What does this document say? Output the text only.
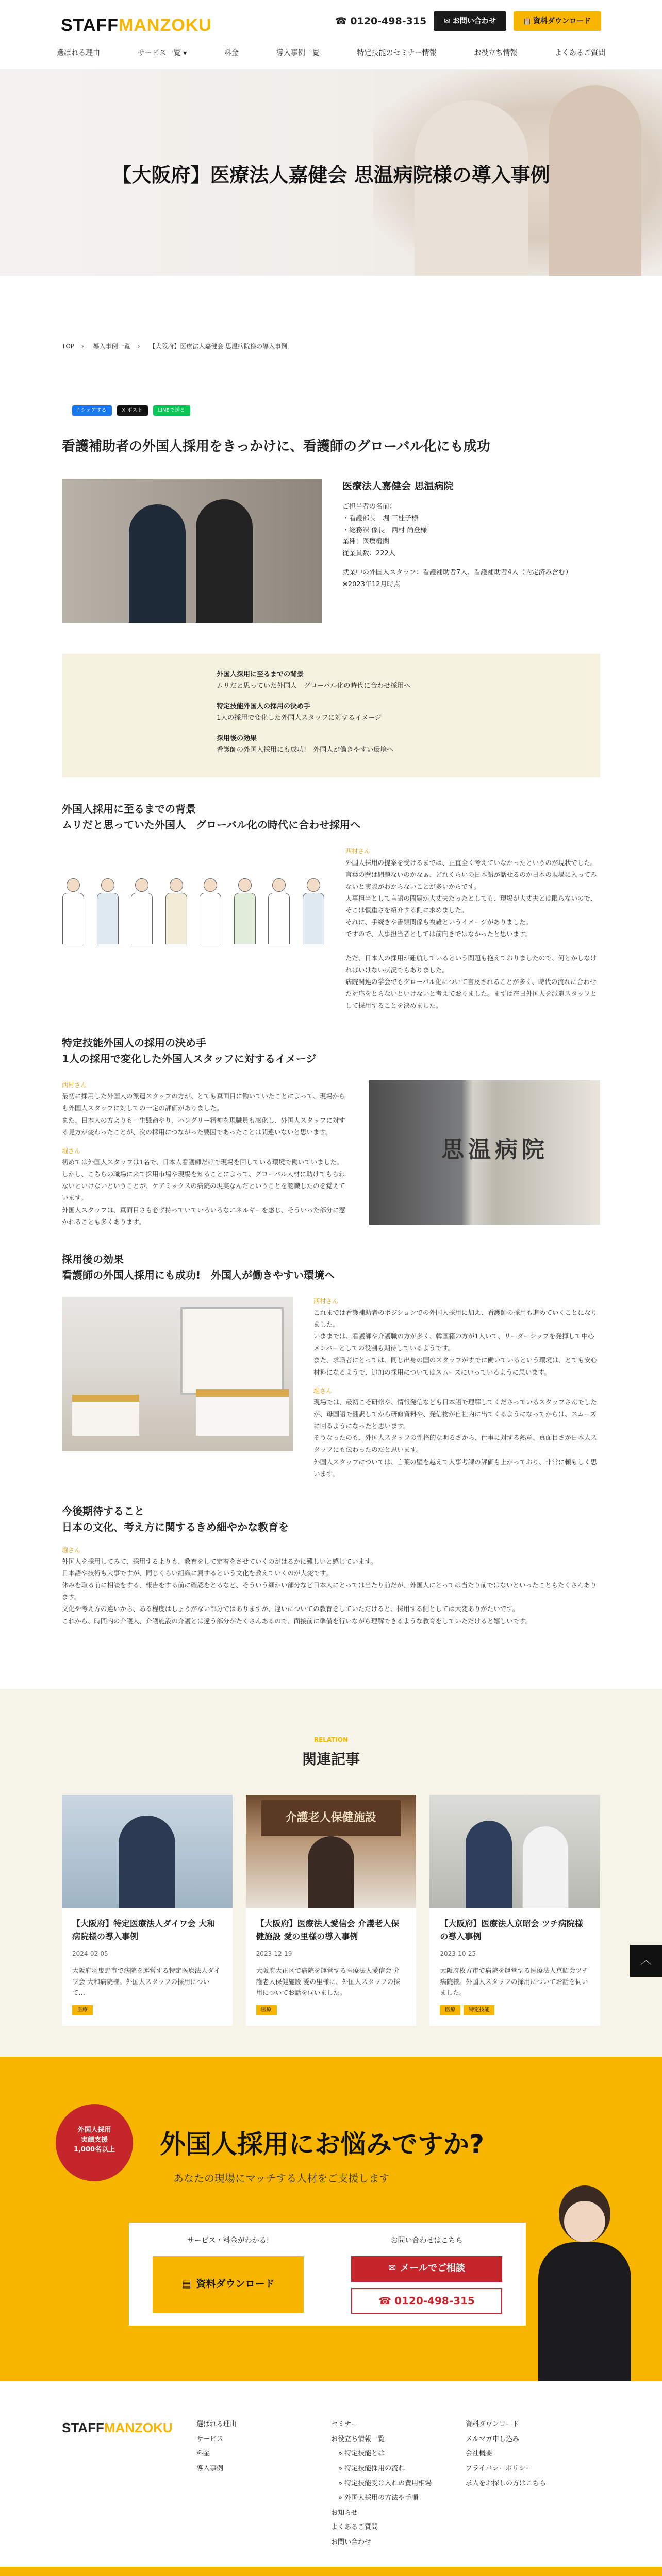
STAFFMANZOKU	☎ 0120-498-315	✉ お問い合わせ	▤ 資料ダウンロード
選ばれる理由	サービス一覧 ▾	料金	導入事例一覧	特定技能のセミナー情報	お役立ち情報	よくあるご質問
【大阪府】医療法人嘉健会 思温病院様の導入事例
TOP › 導入事例一覧 › 【大阪府】医療法人嘉健会 思温病院様の導入事例
f シェアする	X ポスト	LINEで送る
看護補助者の外国人採用をきっかけに、看護師のグローバル化にも成功
医療法人嘉健会 思温病院

ご担当者の名前：

・看護部長　堀 三桂子様

・総務課 係長　西村 尚登様

業種：医療機関

従業員数：222人

就業中の外国人スタッフ：看護補助者7人、看護補助者4人（内定済み含む）

※2023年12月時点

外国人採用に至るまでの背景
ムリだと思っていた外国人　グローバル化の時代に合わせ採用へ
特定技能外国人の採用の決め手
1人の採用で変化した外国人スタッフに対するイメージ
採用後の効果
看護師の外国人採用にも成功!　外国人が働きやすい環境へ
外国人採用に至るまでの背景
ムリだと思っていた外国人　グローバル化の時代に合わせ採用へ
西村さん
外国人採用の提案を受けるまでは、正直全く考えていなかったというのが現状でした。
言葉の壁は問題ないのかなぁ、どれくらいの日本語が話せるのか日本の現場に入ってみないと実際がわからないことが多いからです。
人事担当として言語の問題が大丈夫だったとしても、現場が大丈夫とは限らないので、そこは慎重さを紹介する側に求めました。
それに、手続きや書類関係も複雑というイメージがありました。
ですので、人事担当者としては前向きではなかったと思います。

ただ、日本人の採用が難航しているという問題も抱えておりましたので、何とかしなければいけない状況でもありました。
病院関連の学会でもグローバル化について言及されることが多く、時代の流れに合わせた対応をとらないといけないと考えておりました。まずは在日外国人を派遣スタッフとして採用することを決めました。
特定技能外国人の採用の決め手
1人の採用で変化した外国人スタッフに対するイメージ
西村さん
最初に採用した外国人の派遣スタッフの方が、とても真面目に働いていたことによって、現場からも外国人スタッフに対しての一定の評価がありました。
また、日本人の方よりも一生懸命やり、ハングリー精神を現職員も感化し、外国人スタッフに対する見方が変わったことが、次の採用につながった要因であったことは間違いないと思います。
堀さん
初めては外国人スタッフは1名で、日本人看護師だけで現場を回している環境で働いていました。
しかし、こちらの職場に来て採用市場や現場を知ることによって、グローバル人材に助けてもらわないといけないということが、ケアミックスの病院の現実なんだということを認識したのを覚えています。
外国人スタッフは、真面目さも必ず持っていていろいろなエネルギーを感じ、そういった部分に惹かれることも多くあります。
思温病院
採用後の効果
看護師の外国人採用にも成功!　外国人が働きやすい環境へ
西村さん
これまでは看護補助者のポジションでの外国人採用に加え、看護師の採用も進めていくことになりました。
いままでは、看護師や介護職の方が多く、韓国籍の方が1人いて、リーダーシップを発揮して中心メンバーとしての役割も期待しているようです。
また、求職者にとっては、同じ出身の国のスタッフがすでに働いているという環境は、とても安心材料になるようで、追加の採用についてはスムーズにいっているように思います。
堀さん
現場では、最初こそ研修や、情報発信なども日本語で理解してくださっているスタッフさんでしたが、母国語で翻訳してから研修資料や、発信物が自社内に出てくるようになってからは、スムーズに回るようになったと思います。
そうなったのも、外国人スタッフの性格的な明るさから、仕事に対する熱意、真面目さが日本人スタッフにも伝わったのだと思います。
外国人スタッフについては、言葉の壁を越えて人事考課の評価も上がっており、非常に頼もしく思います。
今後期待すること
日本の文化、考え方に関するきめ細やかな教育を
堀さん
外国人を採用してみて、採用するよりも、教育をして定着をさせていくのがはるかに難しいと感じています。
日本語や技術も大事ですが、同じくらい組織に属するという文化を教えていくのが大変です。
休みを取る前に相談をする、報告をする前に確認をとるなど、そういう細かい部分など日本人にとっては当たり前だが、外国人にとっては当たり前ではないといったこともたくさんあります。
文化や考え方の違いから、ある程度はしょうがない部分ではありますが、違いについての教育をしていただけると、採用する側としては大変ありがたいです。
これから、時間内の介護人、介護施設の介護とは違う部分がたくさんあるので、面接前に準備を行いながら理解できるような教育をしていただけると嬉しいです。
RELATION
関連記事
【大阪府】特定医療法人ダイワ会 大和病院様の導入事例
2024-02-05
大阪府羽曳野市で病院を運営する特定医療法人ダイワ会 大和病院様。外国人スタッフの採用について…
医療
介護老人保健施設
【大阪府】医療法人愛信会 介護老人保健施設 愛の里様の導入事例
2023-12-19
大阪府大正区で病院を運営する医療法人愛信会 介護老人保健施設 愛の里様に、外国人スタッフの採用についてお話を伺いました。
医療
【大阪府】医療法人京昭会 ツチ病院様の導入事例
2023-10-25
大阪府枚方市で病院を運営する医療法人京昭会ツチ病院様。外国人スタッフの採用についてお話を伺いました。
医療	特定技能
︿
外国人採用
実績支援
1,000名以上	外国人採用にお悩みですか?
あなたの現場にマッチする人材をご支援します
サービス・料金がわかる!
▤ 資料ダウンロード
お問い合わせはこちら
✉ メールでご相談
☎ 0120-498-315
STAFFMANZOKU	選ばれる理由
サービス
料金
導入事例
セミナー
お役立ち情報一覧
» 特定技能とは
» 特定技能採用の流れ
» 特定技能受け入れの費用相場
» 外国人採用の方法や手順
お知らせ
よくあるご質問
お問い合わせ
資料ダウンロード
メルマガ申し込み
会社概要
プライバシーポリシー
求人をお探しの方はこちら
